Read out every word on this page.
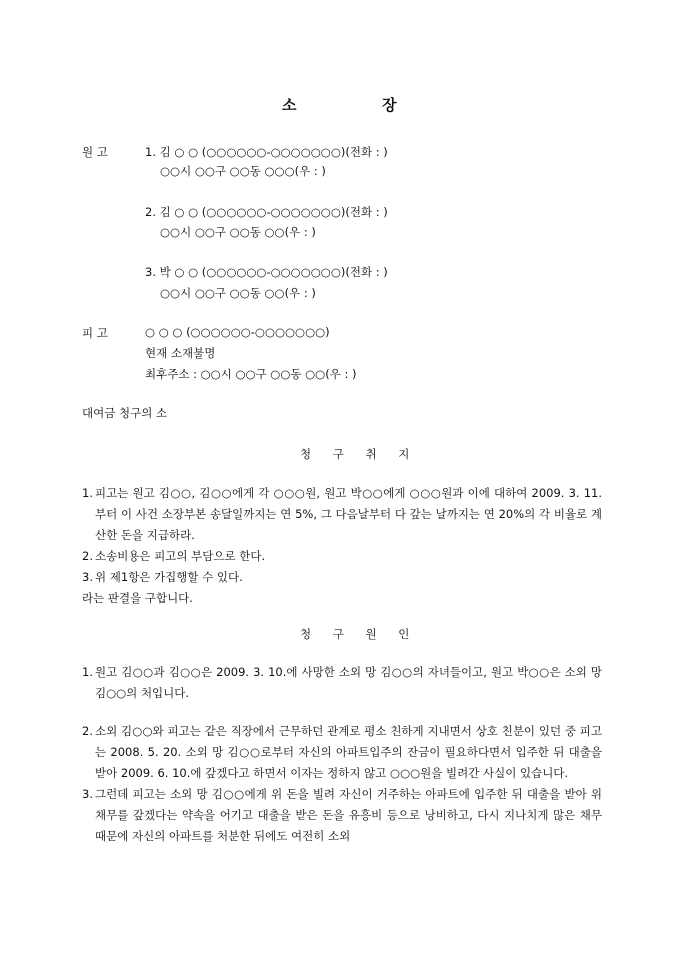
소	장
원 고	1. 김 ○ ○ (○○○○○○-○○○○○○○)(전화 : )
○○시 ○○구 ○○동 ○○○(우 : )
2. 김 ○ ○ (○○○○○○-○○○○○○○)(전화 : )
○○시 ○○구 ○○동 ○○(우 : )
3. 박 ○ ○ (○○○○○○-○○○○○○○)(전화 : )
○○시 ○○구 ○○동 ○○(우 : )
피 고	○ ○ ○ (○○○○○○-○○○○○○○)
현재 소재불명
최후주소 : ○○시 ○○구 ○○동 ○○(우 : )
대여금 청구의 소
청 구 취 지
1. 피고는 원고 김○○, 김○○에게 각 ○○○원, 원고 박○○에게 ○○○원과 이에 대하여 2009. 3. 11. 부터 이 사건 소장부본 송달일까지는 연 5%, 그 다음날부터 다 갚는 날까지는 연 20%의 각 비율로 계산한 돈을 지급하라.
2. 소송비용은 피고의 부담으로 한다.
3. 위 제1항은 가집행할 수 있다.
라는 판결을 구합니다.
청 구 원 인
1. 원고 김○○과 김○○은 2009. 3. 10.에 사망한 소외 망 김○○의 자녀들이고, 원고 박○○은 소외 망 김○○의 처입니다.
2. 소외 김○○와 피고는 같은 직장에서 근무하던 관계로 평소 친하게 지내면서 상호 친분이 있던 중 피고는 2008. 5. 20. 소외 망 김○○로부터 자신의 아파트입주의 잔금이 필요하다면서 입주한 뒤 대출을 받아 2009. 6. 10.에 갚겠다고 하면서 이자는 정하지 않고 ○○○원을 빌려간 사실이 있습니다.
3. 그런데 피고는 소외 망 김○○에게 위 돈을 빌려 자신이 거주하는 아파트에 입주한 뒤 대출을 받아 위 채무를 갚겠다는 약속을 어기고 대출을 받은 돈을 유흥비 등으로 낭비하고, 다시 지나치게 많은 채무 때문에 자신의 아파트를 처분한 뒤에도 여전히 소외
